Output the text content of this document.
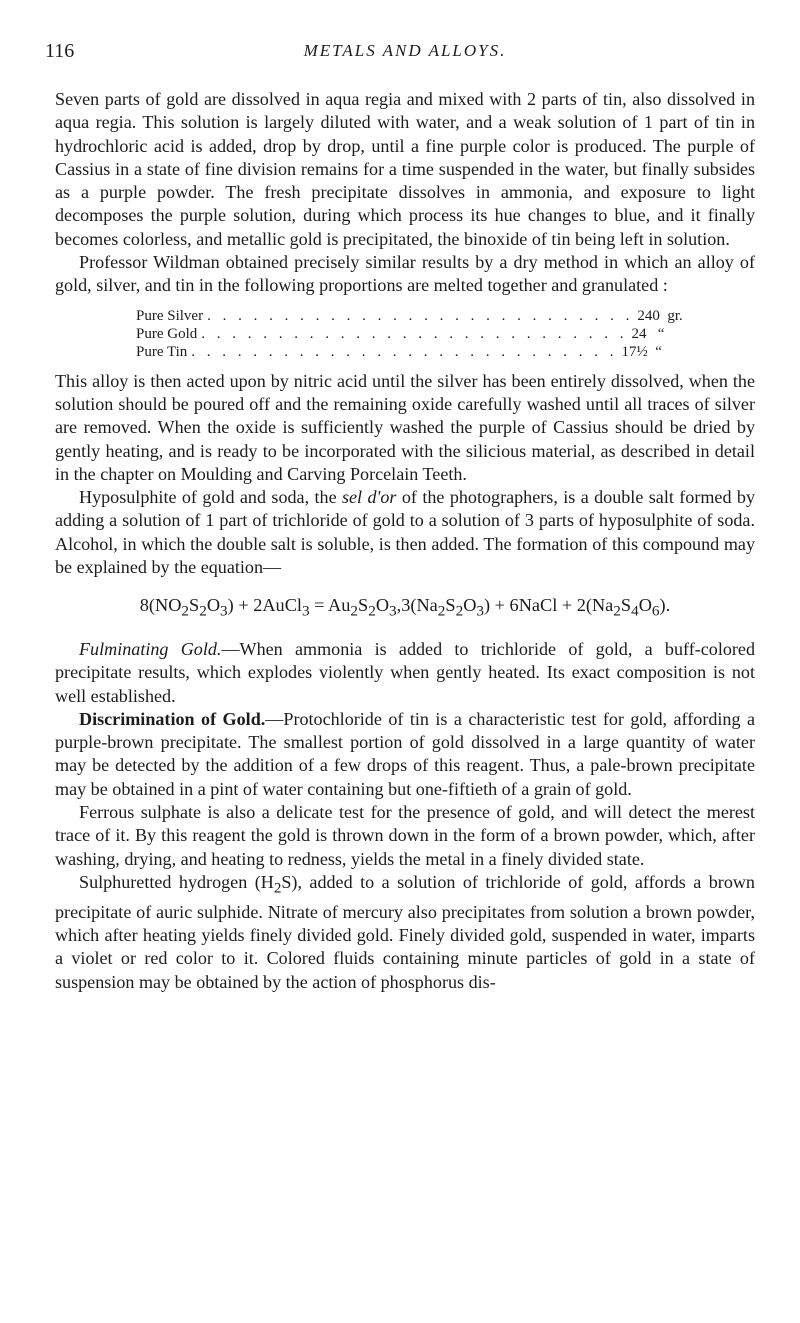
116	METALS AND ALLOYS.

Seven parts of gold are dissolved in aqua regia and mixed with 2 parts of tin, also dissolved in aqua regia. This solution is largely diluted with water, and a weak solution of 1 part of tin in hydrochloric acid is added, drop by drop, until a fine purple color is produced. The purple of Cassius in a state of fine division remains for a time suspended in the water, but finally subsides as a purple powder. The fresh precipitate dissolves in ammonia, and exposure to light decomposes the purple solution, during which process its hue changes to blue, and it finally becomes colorless, and metallic gold is precipitated, the binoxide of tin being left in solution.

Professor Wildman obtained precisely similar results by a dry method in which an alloy of gold, silver, and tin in the following proportions are melted together and granulated :

Pure Silver . . . . . . . . . . . . . . . . . . . . . . . . . . . . 240  gr.
Pure Gold . . . . . . . . . . . . . . . . . . . . . . . . . . . . 24   “
Pure Tin . . . . . . . . . . . . . . . . . . . . . . . . . . . . 17½  “

This alloy is then acted upon by nitric acid until the silver has been entirely dissolved, when the solution should be poured off and the remaining oxide carefully washed until all traces of silver are removed. When the oxide is sufficiently washed the purple of Cassius should be dried by gently heating, and is ready to be incorporated with the silicious material, as described in detail in the chapter on Moulding and Carving Porcelain Teeth.

Hyposulphite of gold and soda, the sel d'or of the photographers, is a double salt formed by adding a solution of 1 part of trichloride of gold to a solution of 3 parts of hyposulphite of soda. Alcohol, in which the double salt is soluble, is then added. The formation of this compound may be explained by the equation—

$8(NO_2S_2O_3)$ + 2AuCl$_3$ = $Au_2S_2O_3,3(Na_2S_2O_3)$ + 6NaCl + $2(Na_2S_4O_6)$.

Fulminating Gold.—When ammonia is added to trichloride of gold, a buff-colored precipitate results, which explodes violently when gently heated. Its exact composition is not well established.

Discrimination of Gold.—Protochloride of tin is a characteristic test for gold, affording a purple-brown precipitate. The smallest portion of gold dissolved in a large quantity of water may be detected by the addition of a few drops of this reagent. Thus, a pale-brown precipitate may be obtained in a pint of water containing but one-fiftieth of a grain of gold.

Ferrous sulphate is also a delicate test for the presence of gold, and will detect the merest trace of it. By this reagent the gold is thrown down in the form of a brown powder, which, after washing, drying, and heating to redness, yields the metal in a finely divided state.

Sulphuretted hydrogen $(H_2S)$, added to a solution of trichloride of gold, affords a brown precipitate of auric sulphide. Nitrate of mercury also precipitates from solution a brown powder, which after heating yields finely divided gold. Finely divided gold, suspended in water, imparts a violet or red color to it. Colored fluids containing minute particles of gold in a state of suspension may be obtained by the action of phosphorus dis-
